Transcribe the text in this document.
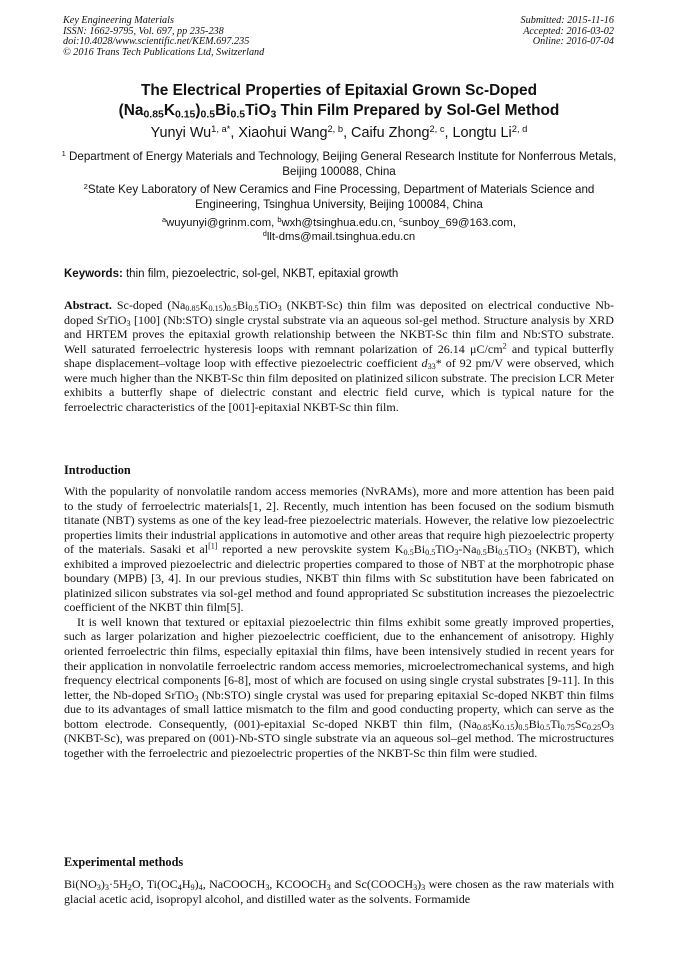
Key Engineering Materials
ISSN: 1662-9795, Vol. 697, pp 235-238
doi:10.4028/www.scientific.net/KEM.697.235
© 2016 Trans Tech Publications Ltd, Switzerland
Submitted: 2015-11-16
Accepted: 2016-03-02
Online: 2016-07-04
The Electrical Properties of Epitaxial Grown Sc-Doped
$(Na_{0.85}K_{0.15})_{0.5}Bi_{0.5}TiO_3$ Thin Film Prepared by Sol-Gel Method
Yunyi $Wu^{1, a*}$, Xiaohui Wang$^{2, b}$, Caifu Zhong$^{2, c}$, Longtu Li$^{2, d}$
$^1$ Department of Energy Materials and Technology, Beijing General Research Institute for Nonferrous Metals, Beijing 100088, China
$^2$State Key Laboratory of New Ceramics and Fine Processing, Department of Materials Science and Engineering, Tsinghua University, Beijing 100084, China
$^a$wuyunyi@grinm.com, $^b$wxh@tsinghua.edu.cn, $^c$sunboy_69@163.com,
$^d$llt-dms@mail.tsinghua.edu.cn
Keywords: thin film, piezoelectric, sol-gel, NKBT, epitaxial growth

Abstract. Sc-doped $(Na_{0.85}K_{0.15})_{0.5}Bi_{0.5}TiO_3$ (NKBT-Sc) thin film was deposited on electrical conductive Nb-doped SrTiO$_3$ [100] (Nb:STO) single crystal substrate via an aqueous sol-gel method. Structure analysis by XRD and HRTEM proves the epitaxial growth relationship between the NKBT-Sc thin film and Nb:STO substrate. Well saturated ferroelectric hysteresis loops with remnant polarization of 26.14 $\mu C/cm^2$ and typical butterfly shape displacement–voltage loop with effective piezoelectric coefficient $d_{33}*$ of 92 pm/V were observed, which were much higher than the NKBT-Sc thin film deposited on platinized silicon substrate. The precision LCR Meter exhibits a butterfly shape of dielectric constant and electric field curve, which is typical nature for the ferroelectric characteristics of the [001]-epitaxial NKBT-Sc thin film.

Introduction

With the popularity of nonvolatile random access memories (NvRAMs), more and more attention has been paid to the study of ferroelectric materials[1, 2]. Recently, much intention has been focused on the sodium bismuth titanate (NBT) systems as one of the key lead-free piezoelectric materials. However, the relative low piezoelectric properties limits their industrial applications in automotive and other areas that require high piezoelectric property of the materials. Sasaki et al[1] reported a new perovskite system $K_{0.5}Bi_{0.5}TiO_3-Na_{0.5}Bi_{0.5}TiO_3$ (NKBT), which exhibited a improved piezoelectric and dielectric properties compared to those of NBT at the morphotropic phase boundary (MPB) [3, 4]. In our previous studies, NKBT thin films with Sc substitution have been fabricated on platinized silicon substrates via sol-gel method and found appropriated Sc substitution increases the piezoelectric coefficient of the NKBT thin film[5].

It is well known that textured or epitaxial piezoelectric thin films exhibit some greatly improved properties, such as larger polarization and higher piezoelectric coefficient, due to the enhancement of anisotropy. Highly oriented ferroelectric thin films, especially epitaxial thin films, have been intensively studied in recent years for their application in nonvolatile ferroelectric random access memories, microelectromechanical systems, and high frequency electrical components [6-8], most of which are focused on using single crystal substrates [9-11]. In this letter, the Nb-doped SrTiO$_3$ (Nb:STO) single crystal was used for preparing epitaxial Sc-doped NKBT thin films due to its advantages of small lattice mismatch to the film and good conducting property, which can serve as the bottom electrode. Consequently, (001)-epitaxial Sc-doped NKBT thin film, $(Na_{0.85}K_{0.15})_{0.5}Bi_{0.5}Ti_{0.75}Sc_{0.25}O_3$ (NKBT-Sc), was prepared on (001)-Nb-STO single substrate via an aqueous sol–gel method. The microstructures together with the ferroelectric and piezoelectric properties of the NKBT-Sc thin film were studied.

Experimental methods

$Bi(NO_3)_3\cdot 5H_2O$, $Ti(OC_4H_9)_4$, NaCOOCH$_3$, $KCOOCH_3$ and $Sc(COOCH_3)_3$ were chosen as the raw materials with glacial acetic acid, isopropyl alcohol, and distilled water as the solvents. Formamide
